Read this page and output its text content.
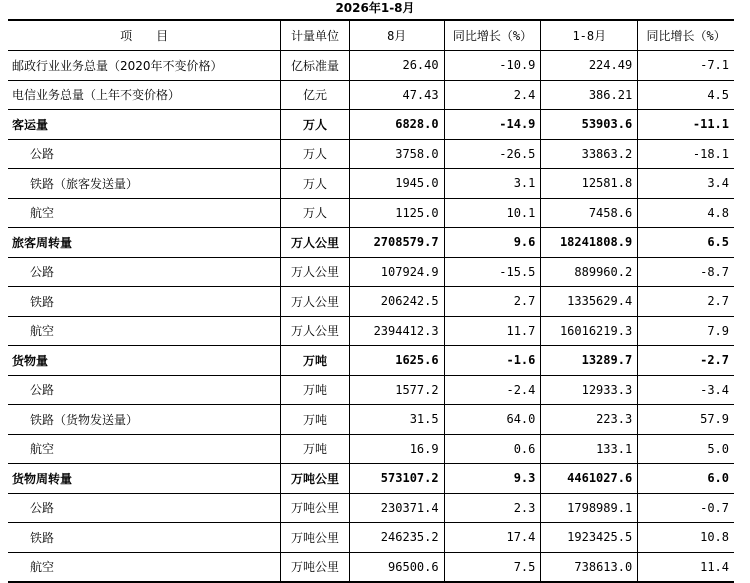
2026年1-8月
项　　目	计量单位	8月	同比增长（%）	1-8月	同比增长（%）
邮政行业业务总量（2020年不变价格）	亿标准量	26.40	-10.9	224.49	-7.1
电信业务总量（上年不变价格）	亿元	47.43	2.4	386.21	4.5
客运量	万人	6828.0	-14.9	53903.6	-11.1
公路	万人	3758.0	-26.5	33863.2	-18.1
铁路（旅客发送量）	万人	1945.0	3.1	12581.8	3.4
航空	万人	1125.0	10.1	7458.6	4.8
旅客周转量	万人公里	2708579.7	9.6	18241808.9	6.5
公路	万人公里	107924.9	-15.5	889960.2	-8.7
铁路	万人公里	206242.5	2.7	1335629.4	2.7
航空	万人公里	2394412.3	11.7	16016219.3	7.9
货物量	万吨	1625.6	-1.6	13289.7	-2.7
公路	万吨	1577.2	-2.4	12933.3	-3.4
铁路（货物发送量）	万吨	31.5	64.0	223.3	57.9
航空	万吨	16.9	0.6	133.1	5.0
货物周转量	万吨公里	573107.2	9.3	4461027.6	6.0
公路	万吨公里	230371.4	2.3	1798989.1	-0.7
铁路	万吨公里	246235.2	17.4	1923425.5	10.8
航空	万吨公里	96500.6	7.5	738613.0	11.4
